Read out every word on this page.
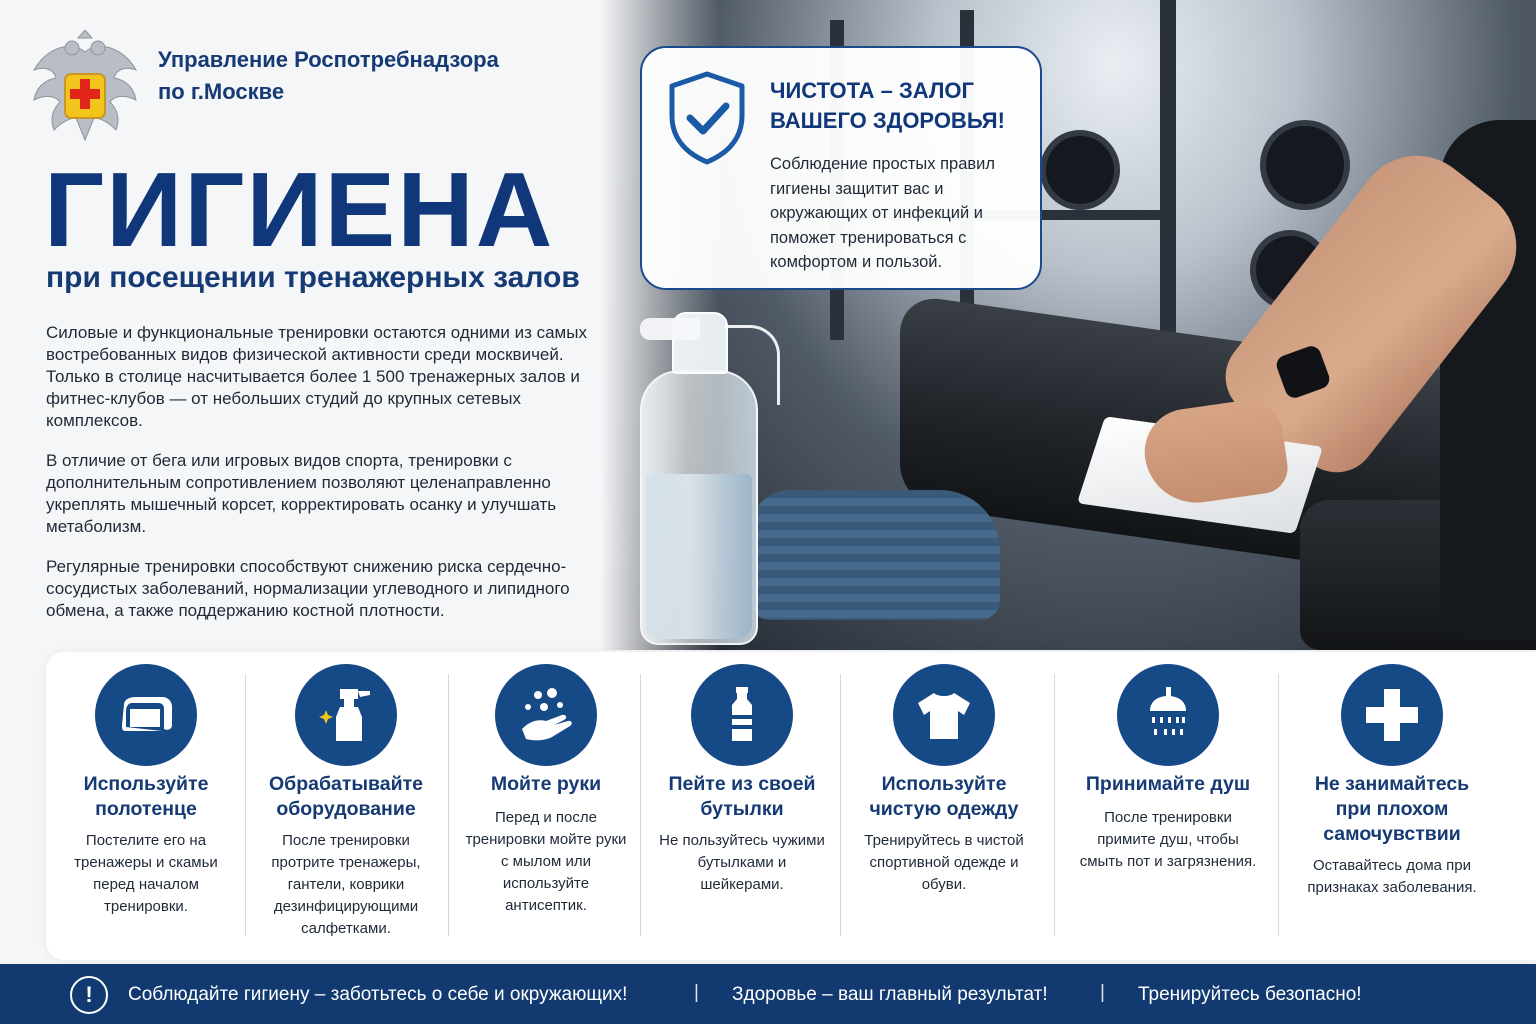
Управление Роспотребнадзора
по г.Москве
ГИГИЕНА
при посещении тренажерных залов
Силовые и функциональные тренировки остаются одними из самых востребованных видов физической активности среди москвичей. Только в столице насчитывается более 1 500 тренажерных залов и фитнес-клубов — от небольших студий до крупных сетевых комплексов.
В отличие от бега или игровых видов спорта, тренировки с дополнительным сопротивлением позволяют целенаправленно укреплять мышечный корсет, корректировать осанку и улучшать метаболизм.
Регулярные тренировки способствуют снижению риска сердечно-сосудистых заболеваний, нормализации углеводного и липидного обмена, а также поддержанию костной плотности.
ЧИСТОТА – ЗАЛОГ
ВАШЕГО ЗДОРОВЬЯ!
Соблюдение простых правил гигиены защитит вас и окружающих от инфекций и поможет тренироваться с комфортом и пользой.
Используйте
полотенце
Постелите его на тренажеры и скамьи перед началом тренировки.
Обрабатывайте
оборудование
После тренировки протрите тренажеры, гантели, коврики дезинфицирующими салфетками.
Мойте руки
Перед и после тренировки мойте руки с мылом или используйте антисептик.
Пейте из своей
бутылки
Не пользуйтесь чужими бутылками и шейкерами.
Используйте
чистую одежду
Тренируйтесь в чистой спортивной одежде и обуви.
Принимайте душ
После тренировки примите душ, чтобы смыть пот и загрязнения.
Не занимайтесь
при плохом
самочувствии
Оставайтесь дома при признаках заболевания.
!	Соблюдайте гигиену – заботьтесь о себе и окружающих!	| Здоровье – ваш главный результат!	| Тренируйтесь безопасно!
